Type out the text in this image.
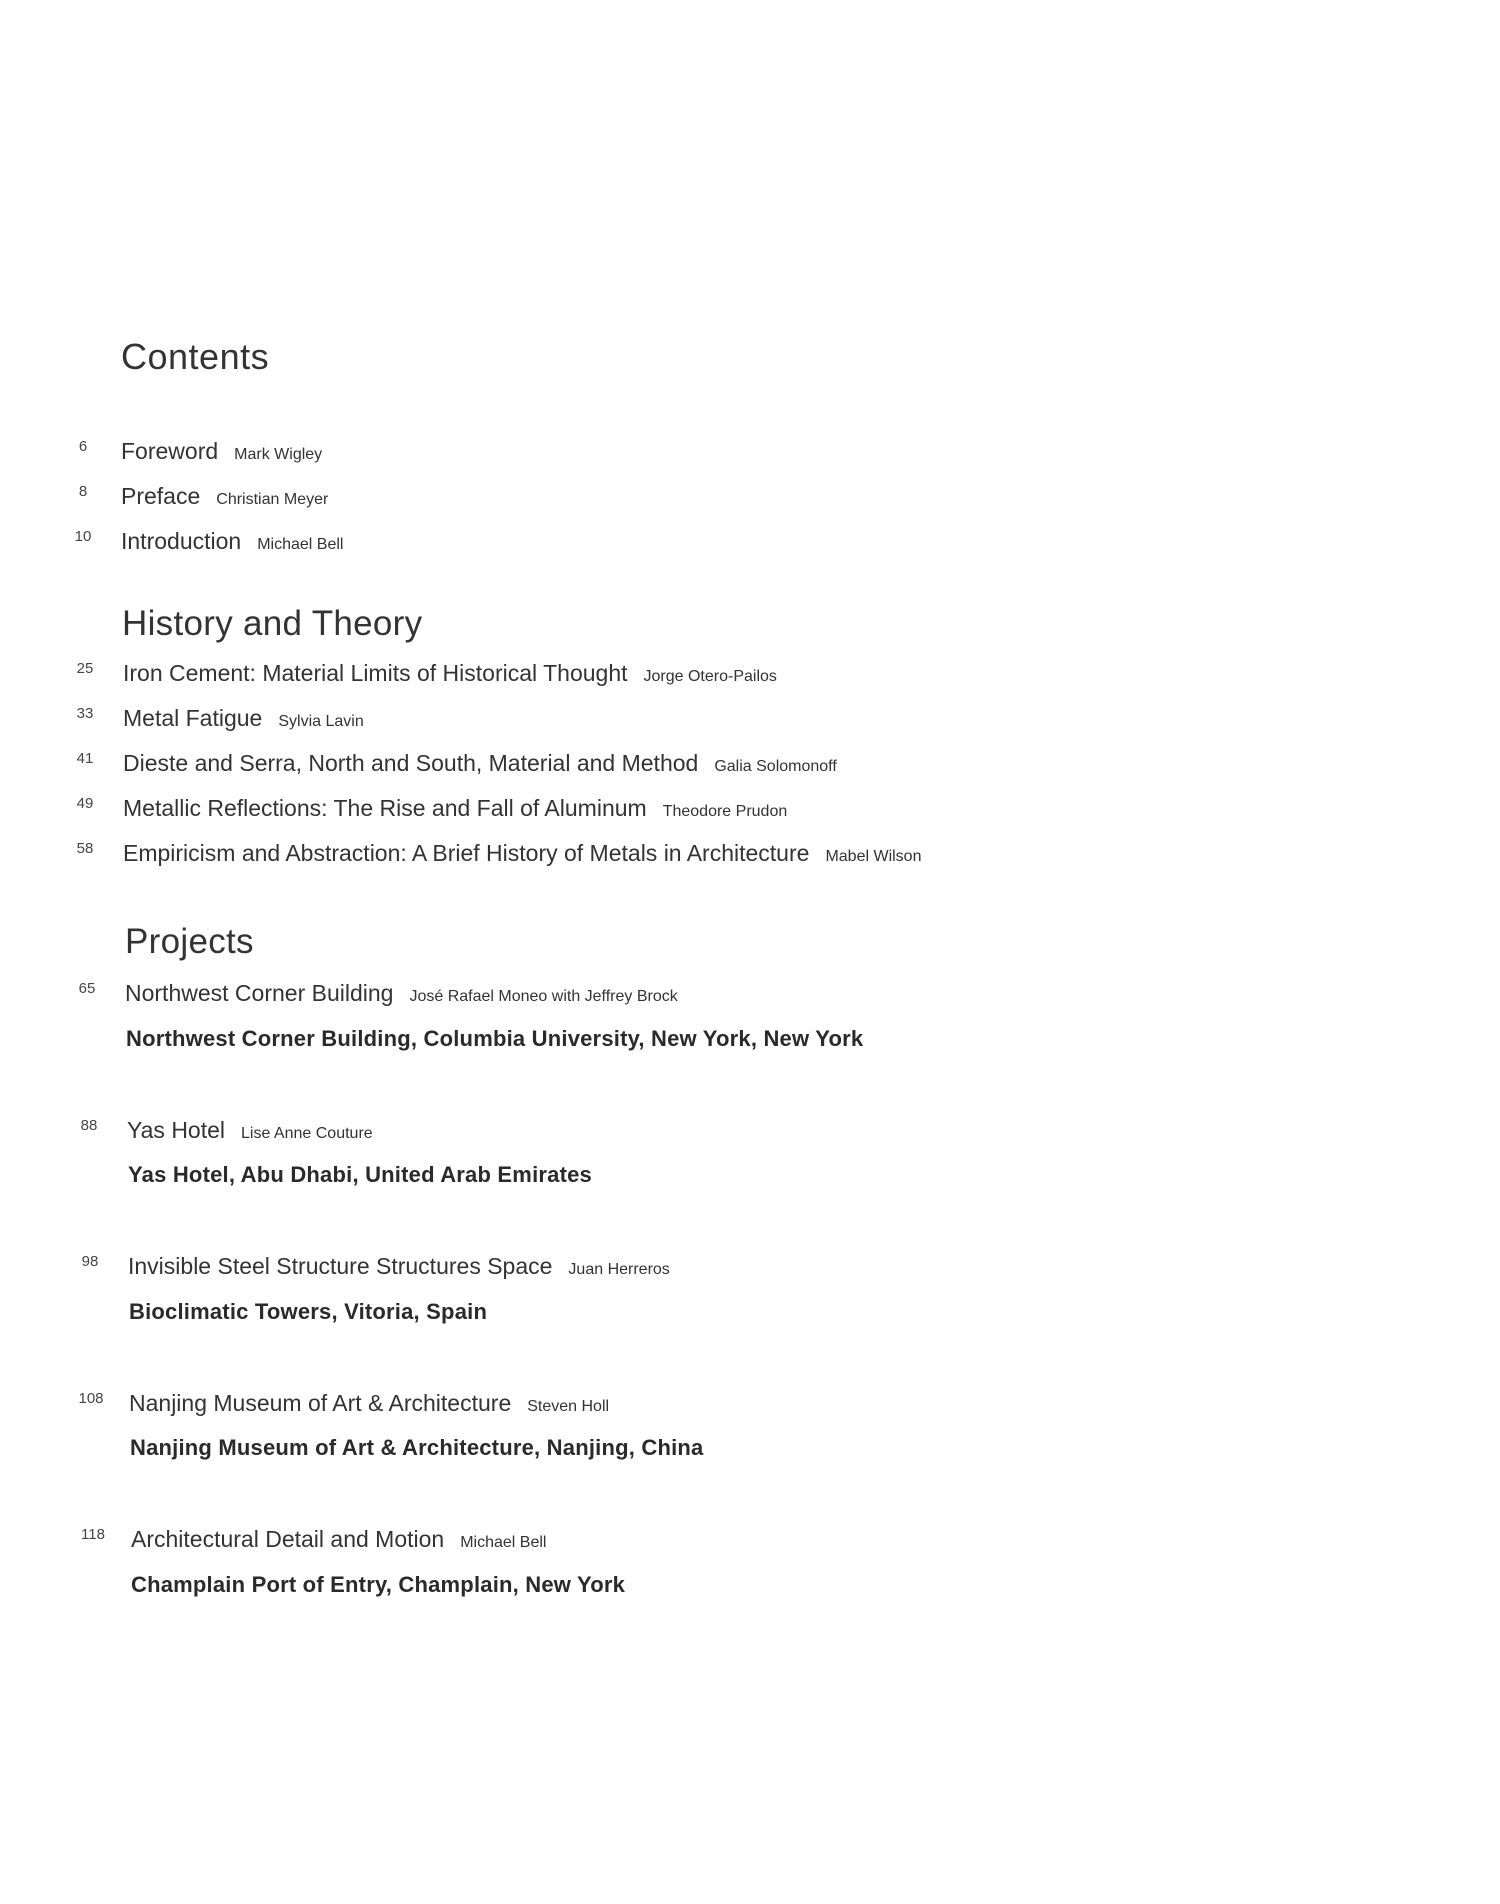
Contents
6	Foreword Mark Wigley
8	Preface Christian Meyer
10	Introduction Michael Bell
History and Theory
25	Iron Cement: Material Limits of Historical Thought Jorge Otero-Pailos
33	Metal Fatigue Sylvia Lavin
41	Dieste and Serra, North and South, Material and Method Galia Solomonoff
49	Metallic Reflections: The Rise and Fall of Aluminum Theodore Prudon
58	Empiricism and Abstraction: A Brief History of Metals in Architecture Mabel Wilson
Projects
65	Northwest Corner Building José Rafael Moneo with Jeffrey Brock
Northwest Corner Building, Columbia University, New York, New York
88	Yas Hotel Lise Anne Couture
Yas Hotel, Abu Dhabi, United Arab Emirates
98	Invisible Steel Structure Structures Space Juan Herreros
Bioclimatic Towers, Vitoria, Spain
108	Nanjing Museum of Art & Architecture Steven Holl
Nanjing Museum of Art & Architecture, Nanjing, China
118	Architectural Detail and Motion Michael Bell
Champlain Port of Entry, Champlain, New York
